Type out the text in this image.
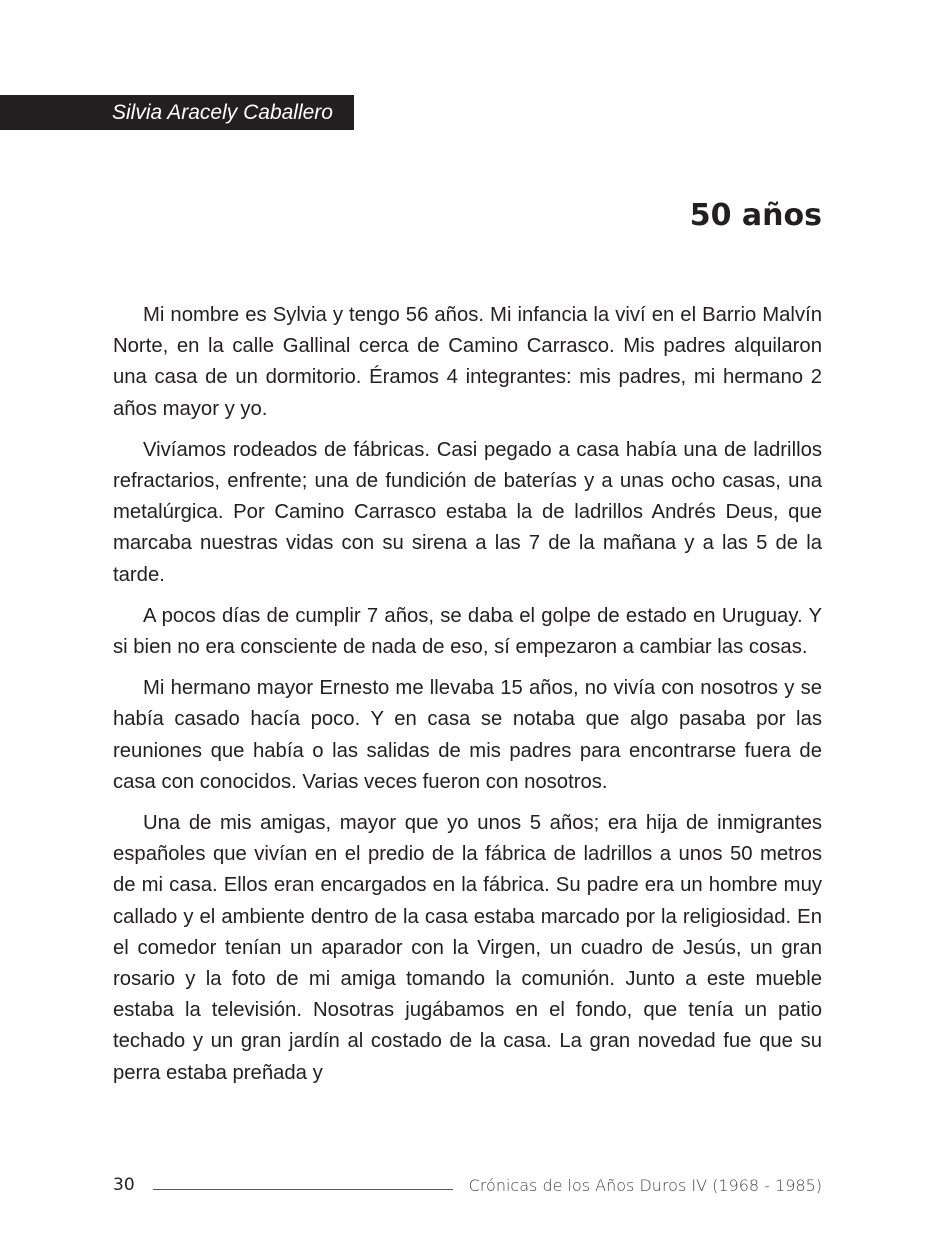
Silvia Aracely Caballero
50 años

Mi nombre es Sylvia y tengo 56 años. Mi infancia la viví en el Barrio Malvín Norte, en la calle Gallinal cerca de Camino Carrasco. Mis padres alquilaron una casa de un dormitorio. Éramos 4 integrantes: mis padres, mi hermano 2 años mayor y yo.

Vivíamos rodeados de fábricas. Casi pegado a casa había una de ladrillos refractarios, enfrente; una de fundición de baterías y a unas ocho casas, una metalúrgica. Por Camino Carrasco estaba la de ladrillos Andrés Deus, que marcaba nuestras vidas con su sirena a las 7 de la mañana y a las 5 de la tarde.

A pocos días de cumplir 7 años, se daba el golpe de estado en Uruguay. Y si bien no era consciente de nada de eso, sí empezaron a cambiar las cosas.

Mi hermano mayor Ernesto me llevaba 15 años, no vivía con nosotros y se había casado hacía poco. Y en casa se notaba que algo pasaba por las reuniones que había o las salidas de mis padres para encontrarse fuera de casa con conocidos. Varias veces fueron con nosotros.

Una de mis amigas, mayor que yo unos 5 años; era hija de inmigrantes españoles que vivían en el predio de la fábrica de ladrillos a unos 50 metros de mi casa. Ellos eran encargados en la fábrica. Su padre era un hombre muy callado y el ambiente dentro de la casa estaba marcado por la religiosidad. En el comedor tenían un aparador con la Virgen, un cuadro de Jesús, un gran rosario y la foto de mi amiga tomando la comunión. Junto a este mueble estaba la televisión. Nosotras jugábamos en el fondo, que tenía un patio techado y un gran jardín al costado de la casa. La gran novedad fue que su perra estaba preñada y

30	Crónicas de los Años Duros IV (1968 - 1985)
